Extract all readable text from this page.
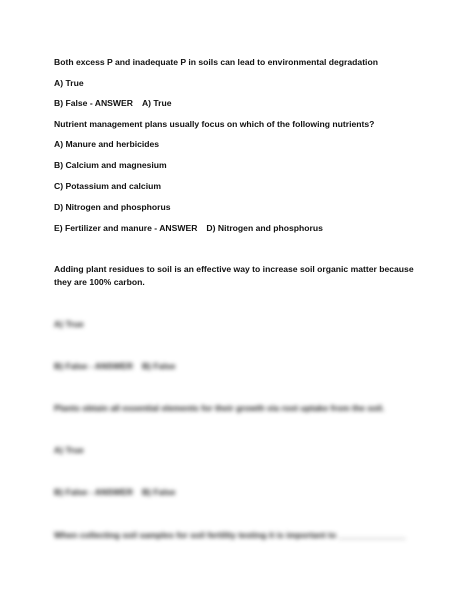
Both excess P and inadequate P in soils can lead to environmental degradation
A) True
B) False - ANSWER A) True
Nutrient management plans usually focus on which of the following nutrients?
A) Manure and herbicides
B) Calcium and magnesium
C) Potassium and calcium
D) Nitrogen and phosphorus
E) Fertilizer and manure - ANSWER D) Nitrogen and phosphorus
Adding plant residues to soil is an effective way to increase soil organic matter because they are 100% carbon.
A) True
B) False - ANSWER B) False
Plants obtain all essential elements for their growth via root uptake from the soil.
A) True
B) False - ANSWER B) False
When collecting soil samples for soil fertility testing it is important to ______________
